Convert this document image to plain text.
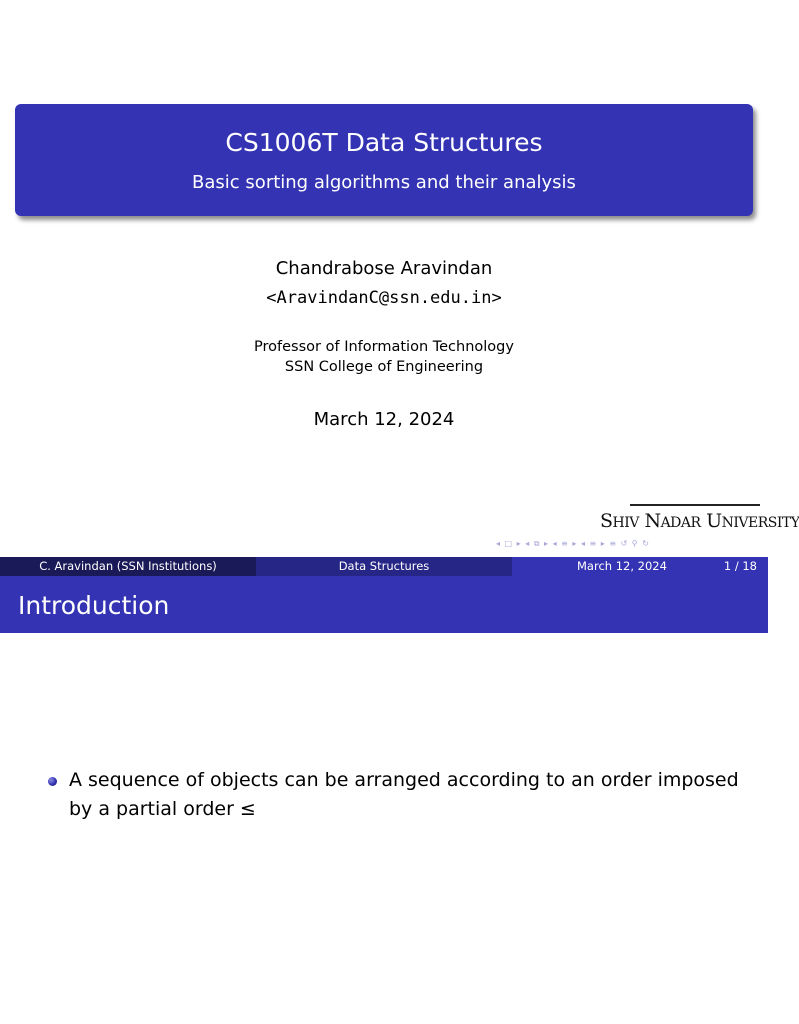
CS1006T Data Structures
Basic sorting algorithms and their analysis
Chandrabose Aravindan
<AravindanC@ssn.edu.in>
Professor of Information Technology
SSN College of Engineering
March 12, 2024
SHIV NADAR UNIVERSITY
◂ □ ▸ ◂ ⧉ ▸ ◂ ≡ ▸ ◂ ≡ ▸ ≡ ↺ ⚲ ↻
C. Aravindan (SSN Institutions)	Data Structures	March 12, 2024	1 / 18
Introduction
A sequence of objects can be arranged according to an order imposed by a partial order ≤
